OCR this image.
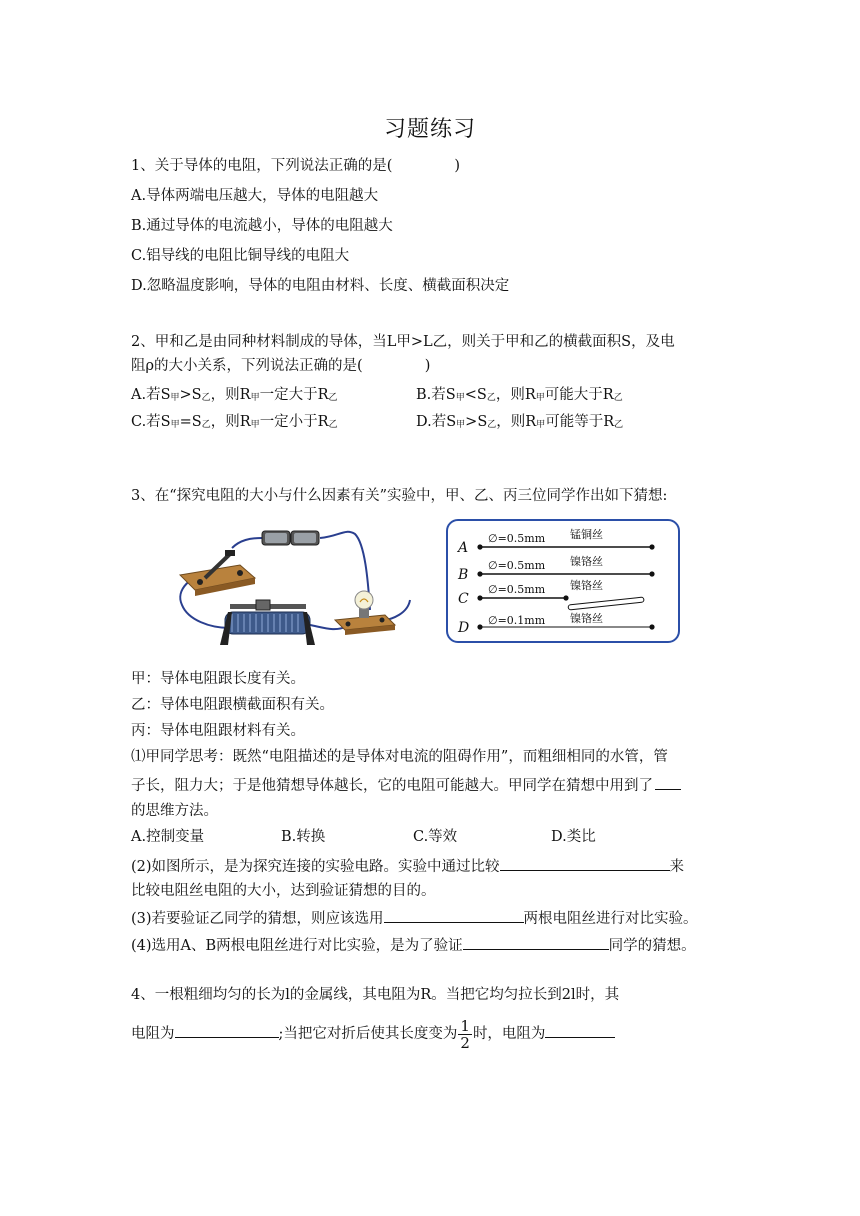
习题练习
1、关于导体的电阻，下列说法正确的是(	)
A.导体两端电压越大，导体的电阻越大
B.通过导体的电流越小，导体的电阻越大
C.铝导线的电阻比铜导线的电阻大
D.忽略温度影响，导体的电阻由材料、长度、横截面积决定
2、甲和乙是由同种材料制成的导体，当L甲>L乙，则关于甲和乙的横截面积S，及电
阻ρ的大小关系，下列说法正确的是(	)
A.若S甲>S乙，则R甲一定大于R乙	B.若S甲<S乙，则R甲可能大于R乙
C.若S甲=S乙，则R甲一定小于R乙	D.若S甲>S乙，则R甲可能等于R乙
3、在“探究电阻的大小与什么因素有关”实验中，甲、乙、丙三位同学作出如下猜想:
A
∅=0.5mm 锰铜丝
B
∅=0.5mm 镍铬丝
C
∅=0.5mm 镍铬丝
D ∅=0.1mm 镍铬丝
甲：导体电阻跟长度有关。
乙：导体电阻跟横截面积有关。
丙：导体电阻跟材料有关。
⑴甲同学思考：既然“电阻描述的是导体对电流的阻碍作用”，而粗细相同的水管，管
子长，阻力大；于是他猜想导体越长，它的电阻可能越大。甲同学在猜想中用到了
的思维方法。
A.控制变量	B.转换	C.等效	D.类比
(2)如图所示，是为探究连接的实验电路。实验中通过比较	来
比较电阻丝电阻的大小，达到验证猜想的目的。
(3)若要验证乙同学的猜想，则应该选用	两根电阻丝进行对比实验。
(4)选用A、B两根电阻丝进行对比实验，是为了验证	同学的猜想。
4、一根粗细均匀的长为l的金属线，其电阻为R。当把它均匀拉长到2l时，其
电阻为	;当把它对折后使其长度变为 $\frac{1}{2}$ 时，电阻为
